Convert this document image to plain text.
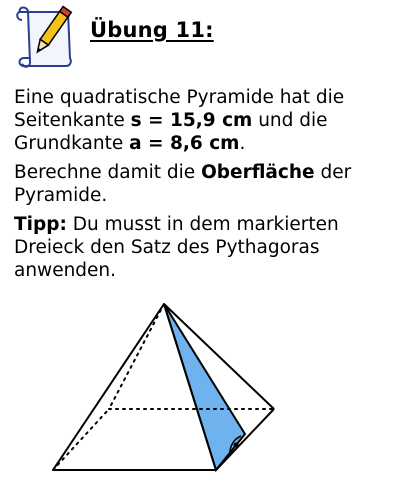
Übung 11:

Eine quadratische Pyramide hat die Seitenkante s = 15,9 cm und die Grundkante a = 8,6 cm.

Berechne damit die Oberfläche der Pyramide.

Tipp: Du musst in dem markierten Dreieck den Satz des Pythagoras anwenden.
